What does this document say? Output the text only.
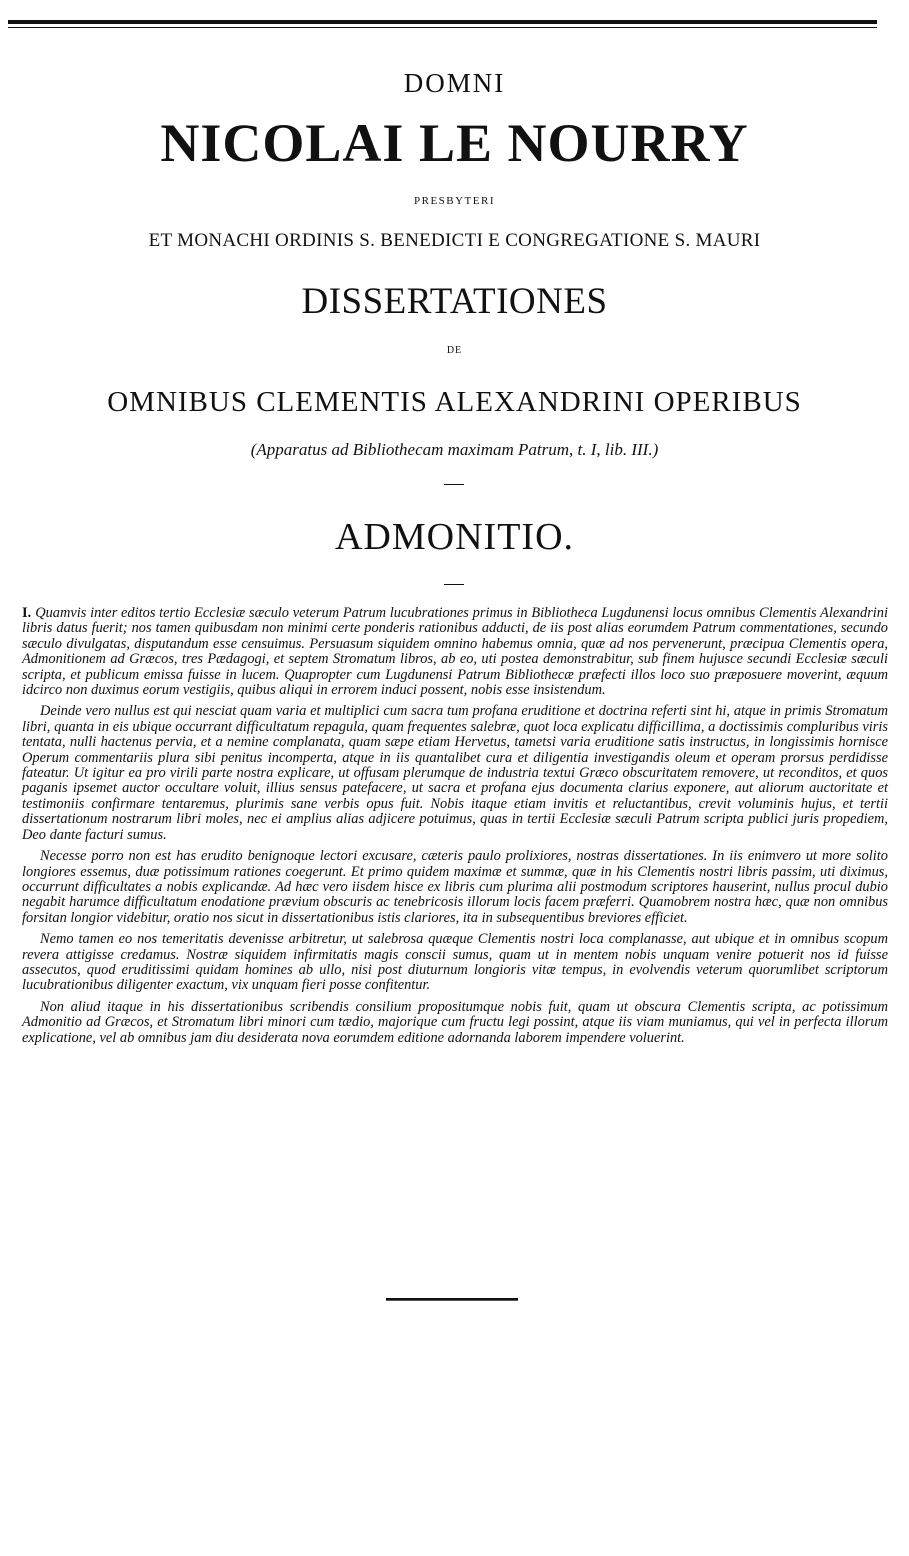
DOMNI
NICOLAI LE NOURRY
PRESBYTERI
ET MONACHI ORDINIS S. BENEDICTI E CONGREGATIONE S. MAURI
DISSERTATIONES
DE
OMNIBUS CLEMENTIS ALEXANDRINI OPERIBUS
(Apparatus ad Bibliothecam maximam Patrum, t. I, lib. III.)
ADMONITIO.

I. Quamvis inter editos tertio Ecclesiæ sæculo veterum Patrum lucubrationes primus in Bibliotheca Lugdunensi locus omnibus Clementis Alexandrini libris datus fuerit; nos tamen quibusdam non minimi certe ponderis rationibus adducti, de iis post alias eorumdem Patrum commentationes, secundo sæculo divulgatas, disputandum esse censuimus. Persuasum siquidem omnino habemus omnia, quæ ad nos pervenerunt, præcipua Clementis opera, Admonitionem ad Græcos, tres Pædagogi, et septem Stromatum libros, ab eo, uti postea demonstrabitur, sub finem hujusce secundi Ecclesiæ sæculi scripta, et publicum emissa fuisse in lucem. Quapropter cum Lugdunensi Patrum Bibliothecæ præfecti illos loco suo præposuere moverint, æquum idcirco non duximus eorum vestigiis, quibus aliqui in errorem induci possent, nobis esse insistendum.

Deinde vero nullus est qui nesciat quam varia et multiplici cum sacra tum profana eruditione et doctrina referti sint hi, atque in primis Stromatum libri, quanta in eis ubique occurrant difficultatum repagula, quam frequentes salebræ, quot loca explicatu difficillima, a doctissimis compluribus viris tentata, nulli hactenus pervia, et a nemine complanata, quam sæpe etiam Hervetus, tametsi varia eruditione satis instructus, in longissimis hornisce Operum commentariis plura sibi penitus incomperta, atque in iis quantalibet cura et diligentia investigandis oleum et operam prorsus perdidisse fateatur. Ut igitur ea pro virili parte nostra explicare, ut offusam plerumque de industria textui Græco obscuritatem removere, ut reconditos, et quos paganis ipsemet auctor occultare voluit, illius sensus patefacere, ut sacra et profana ejus documenta clarius exponere, aut aliorum auctoritate et testimoniis confirmare tentaremus, plurimis sane verbis opus fuit. Nobis itaque etiam invitis et reluctantibus, crevit voluminis hujus, et tertii dissertationum nostrarum libri moles, nec ei amplius alias adjicere potuimus, quas in tertii Ecclesiæ sæculi Patrum scripta publici juris propediem, Deo dante facturi sumus.

Necesse porro non est has erudito benignoque lectori excusare, cæteris paulo prolixiores, nostras dissertationes. In iis enimvero ut more solito longiores essemus, duæ potissimum rationes coegerunt. Et primo quidem maximæ et summæ, quæ in his Clementis nostri libris passim, uti diximus, occurrunt difficultates a nobis explicandæ. Ad hæc vero iisdem hisce ex libris cum plurima alii postmodum scriptores hauserint, nullus procul dubio negabit harumce difficultatum enodatione prævium obscuris ac tenebricosis illorum locis facem præferri. Quamobrem nostra hæc, quæ non omnibus forsitan longior videbitur, oratio nos sicut in dissertationibus istis clariores, ita in subsequentibus breviores efficiet.

Nemo tamen eo nos temeritatis devenisse arbitretur, ut salebrosa quæque Clementis nostri loca complanasse, aut ubique et in omnibus scopum revera attigisse credamus. Nostræ siquidem infirmitatis magis conscii sumus, quam ut in mentem nobis unquam venire potuerit nos id fuisse assecutos, quod eruditissimi quidam homines ab ullo, nisi post diuturnum longioris vitæ tempus, in evolvendis veterum quorumlibet scriptorum lucubrationibus diligenter exactum, vix unquam fieri posse confitentur.

Non aliud itaque in his dissertationibus scribendis consilium propositumque nobis fuit, quam ut obscura Clementis scripta, ac potissimum Admonitio ad Græcos, et Stromatum libri minori cum tædio, majorique cum fructu legi possint, atque iis viam muniamus, qui vel in perfecta illorum explicatione, vel ab omnibus jam diu desiderata nova eorumdem editione adornanda laborem impendere voluerint.
